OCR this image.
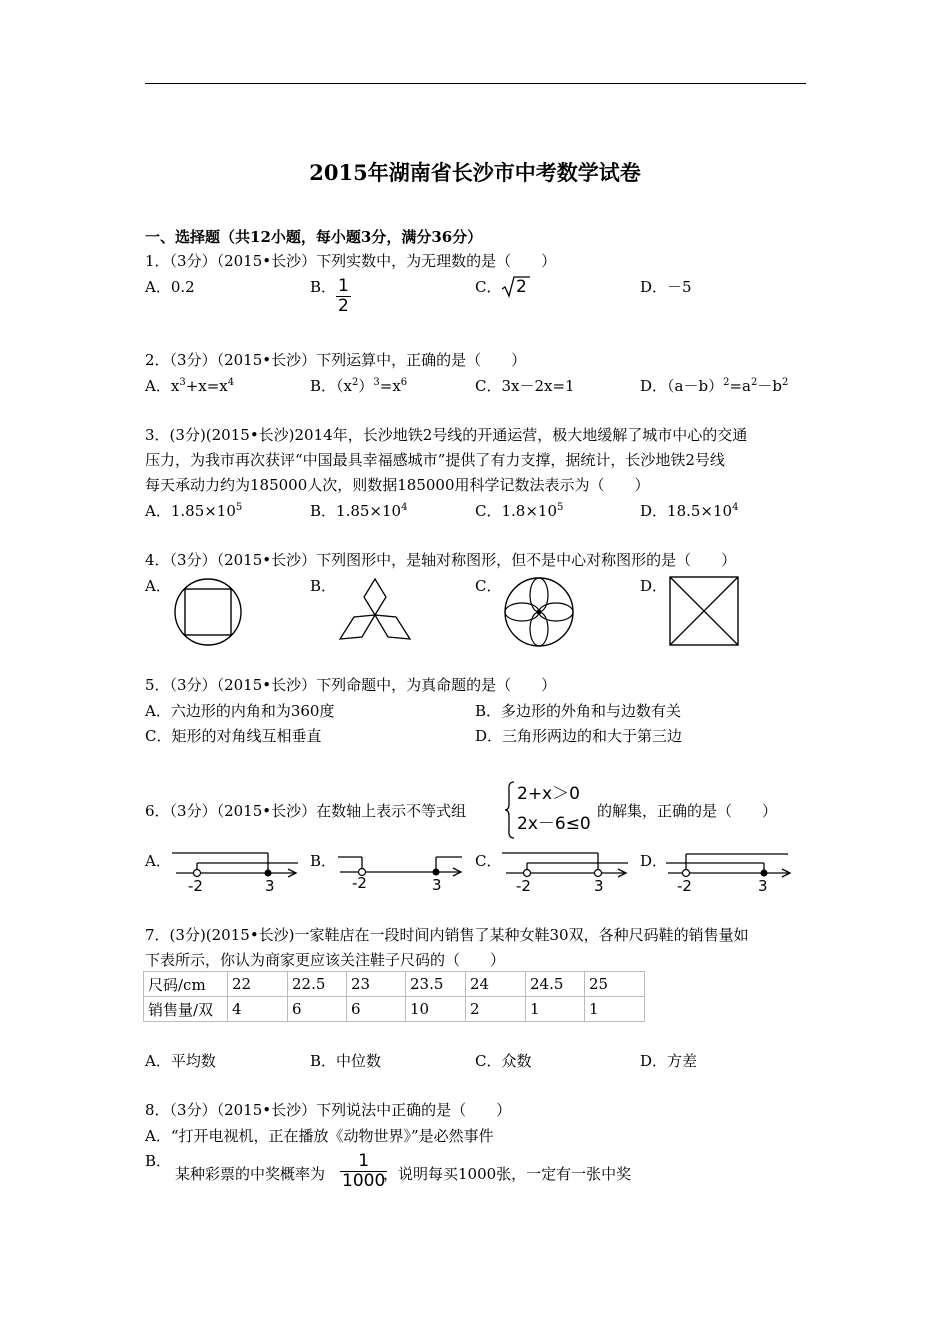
2015年湖南省长沙市中考数学试卷
一、选择题（共12小题，每小题3分，满分36分）
1．（3分）（2015•长沙）下列实数中，为无理数的是（　　）
A．0.2	B． $\frac{1}{2}$	C． 2	D．－5
2．（3分）（2015•长沙）下列运算中，正确的是（　　）
A．$x^3+x=x^4$	B．$(x^2)^3=x^6$	C．3x－2x=1	D．$(a-b)^2=a^2-b^2$
3．(3分)(2015•长沙)2014年，长沙地铁2号线的开通运营，极大地缓解了城市中心的交通
压力，为我市再次获评“中国最具幸福感城市”提供了有力支撑，据统计，长沙地铁2号线
每天承动力约为185000人次，则数据185000用科学记数法表示为（　　）
A．$1.85\times 10^5$	B．$1.85\times 10^4$	C．$1.8\times 10^5$	D．$18.5\times 10^4$
4．（3分）（2015•长沙）下列图形中，是轴对称图形，但不是中心对称图形的是（　　）
A．	B．	C．	D．
5．（3分）（2015•长沙）下列命题中，为真命题的是（　　）
A．六边形的内角和为360度	B．多边形的外角和与边数有关
C．矩形的对角线互相垂直	D．三角形两边的和大于第三边
6．（3分）（2015•长沙）在数轴上表示不等式组
2+x＞0
2x－6≤0
的解集，正确的是（　　）
A．	B．	C．	D．
-2	3	-2	3	-2	3	-2	3
7．(3分)(2015•长沙)一家鞋店在一段时间内销售了某种女鞋30双，各种尺码鞋的销售量如
下表所示，你认为商家更应该关注鞋子尺码的（　　）
尺码/cm	22	22.5	23	23.5	24	24.5	25
销售量/双	4	6	6	10	2	1	1
A．平均数	B．中位数	C．众数	D．方差
8．（3分）（2015•长沙）下列说法中正确的是（　　）
A．“打开电视机，正在播放《动物世界》”是必然事件
B．
某种彩票的中奖概率为 $\frac{1}{1000}$
，说明每买1000张，一定有一张中奖
